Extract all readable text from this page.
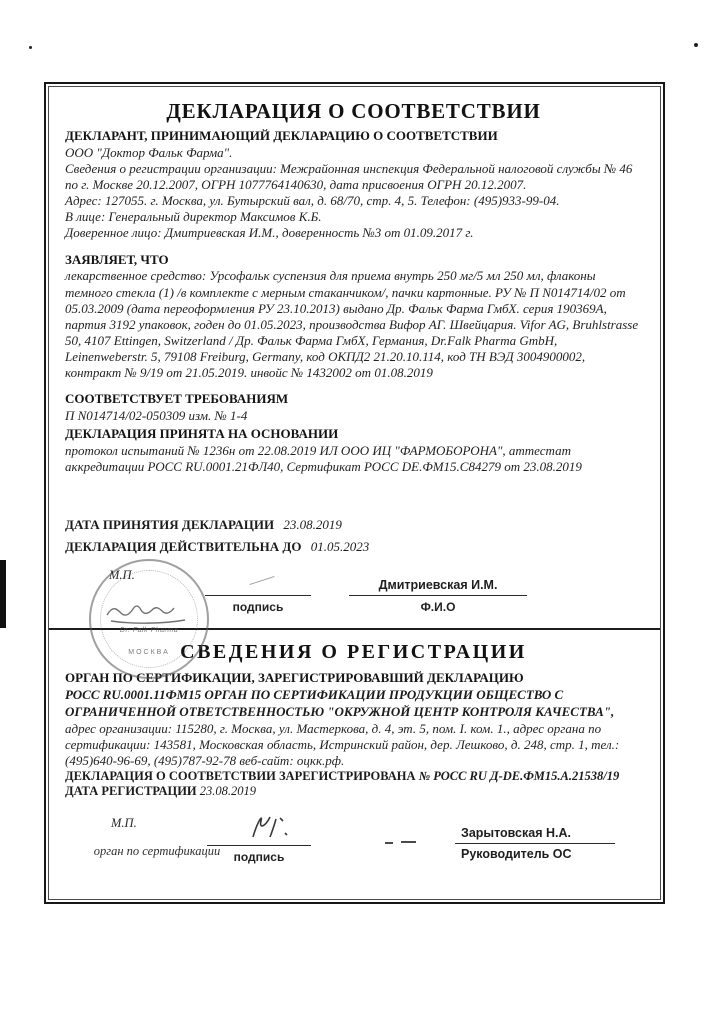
ДЕКЛАРАЦИЯ О СООТВЕТСТВИИ
ДЕКЛАРАНТ, ПРИНИМАЮЩИЙ ДЕКЛАРАЦИЮ О СООТВЕТСТВИИ
ООО "Доктор Фальк Фарма".
Сведения о регистрации организации: Межрайонная инспекция Федеральной налоговой службы № 46 по г. Москве 20.12.2007, ОГРН 1077764140630, дата присвоения ОГРН 20.12.2007.
Адрес: 127055. г. Москва, ул. Бутырский вал, д. 68/70, стр. 4, 5. Телефон: (495)933-99-04.
В лице: Генеральный директор Максимов К.Б.
Доверенное лицо: Дмитриевская И.М., доверенность №3 от 01.09.2017 г.
ЗАЯВЛЯЕТ, ЧТО
лекарственное средство: Урсофальк суспензия для приема внутрь 250 мг/5 мл 250 мл, флаконы темного стекла (1) /в комплекте с мерным стаканчиком/, пачки картонные. РУ № П N014714/02 от 05.03.2009 (дата переоформления РУ 23.10.2013) выдано Др. Фальк Фарма ГмбХ. серия 190369А, партия 3192 упаковок, годен до 01.05.2023, производства Вифор АГ. Швейцария. Vifor AG, Bruhlstrasse 50, 4107 Ettingen, Switzerland / Др. Фальк Фарма ГмбХ, Германия, Dr.Falk Pharma GmbH, Leinenweberstr. 5, 79108 Freiburg, Germany, код ОКПД2 21.20.10.114, код ТН ВЭД 3004900002, контракт № 9/19 от 21.05.2019. инвойс № 1432002 от 01.08.2019
СООТВЕТСТВУЕТ ТРЕБОВАНИЯМ
П N014714/02-050309 изм. № 1-4
ДЕКЛАРАЦИЯ ПРИНЯТА НА ОСНОВАНИИ
протокол испытаний № 1236н от 22.08.2019 ИЛ ООО ИЦ "ФАРМОБОРОНА", аттестат аккредитации РОСС RU.0001.21ФЛ40, Сертификат РОСС DE.ФМ15.С84279 от 23.08.2019
ДАТА ПРИНЯТИЯ ДЕКЛАРАЦИИ 23.08.2019
ДЕКЛАРАЦИЯ ДЕЙСТВИТЕЛЬНА ДО 01.05.2023
М.П.
подпись
Дмитриевская И.М.
Ф.И.О
Dr. Falk Pharma
МОСКВА СВЕДЕНИЯ О РЕГИСТРАЦИИ
ОРГАН ПО СЕРТИФИКАЦИИ, ЗАРЕГИСТРИРОВАВШИЙ ДЕКЛАРАЦИЮ
РОСС RU.0001.11ФМ15 ОРГАН ПО СЕРТИФИКАЦИИ ПРОДУКЦИИ ОБЩЕСТВО С ОГРАНИЧЕННОЙ ОТВЕТСТВЕННОСТЬЮ "ОКРУЖНОЙ ЦЕНТР КОНТРОЛЯ КАЧЕСТВА",
адрес организации: 115280, г. Москва, ул. Мастеркова, д. 4, эт. 5, пом. I. ком. 1., адрес органа по сертификации: 143581, Московская область, Истринский район, дер. Лешково, д. 248, стр. 1, тел.: (495)640-96-69, (495)787-92-78 веб-сайт: оцкк.рф.
ДЕКЛАРАЦИЯ О СООТВЕТСТВИИ ЗАРЕГИСТРИРОВАНА № РОСС RU Д-DE.ФМ15.А.21538/19
ДАТА РЕГИСТРАЦИИ 23.08.2019
М.П.
орган по сертификации	подпись
Зарытовская Н.А.
Руководитель ОС
